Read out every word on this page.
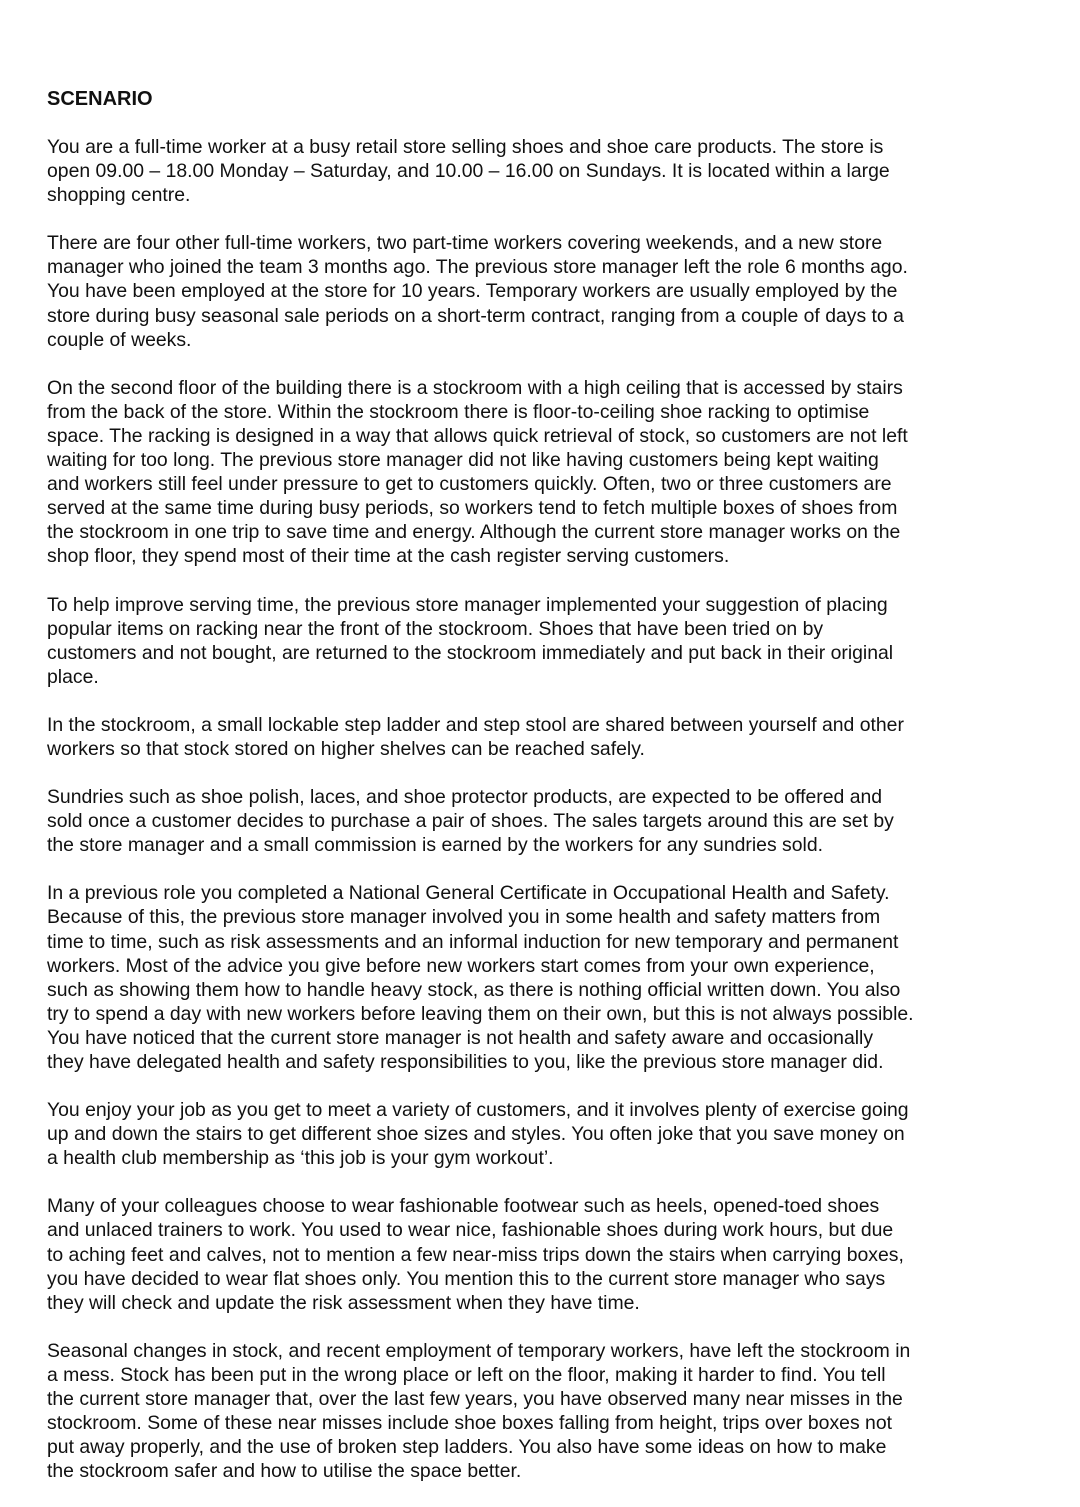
SCENARIO
You are a full-time worker at a busy retail store selling shoes and shoe care products. The store is
open 09.00 – 18.00 Monday – Saturday, and 10.00 – 16.00 on Sundays. It is located within a large
shopping centre.
There are four other full-time workers, two part-time workers covering weekends, and a new store
manager who joined the team 3 months ago. The previous store manager left the role 6 months ago.
You have been employed at the store for 10 years. Temporary workers are usually employed by the
store during busy seasonal sale periods on a short-term contract, ranging from a couple of days to a
couple of weeks.
On the second floor of the building there is a stockroom with a high ceiling that is accessed by stairs
from the back of the store. Within the stockroom there is floor-to-ceiling shoe racking to optimise
space. The racking is designed in a way that allows quick retrieval of stock, so customers are not left
waiting for too long. The previous store manager did not like having customers being kept waiting
and workers still feel under pressure to get to customers quickly. Often, two or three customers are
served at the same time during busy periods, so workers tend to fetch multiple boxes of shoes from
the stockroom in one trip to save time and energy. Although the current store manager works on the
shop floor, they spend most of their time at the cash register serving customers.
To help improve serving time, the previous store manager implemented your suggestion of placing
popular items on racking near the front of the stockroom. Shoes that have been tried on by
customers and not bought, are returned to the stockroom immediately and put back in their original
place.
In the stockroom, a small lockable step ladder and step stool are shared between yourself and other
workers so that stock stored on higher shelves can be reached safely.
Sundries such as shoe polish, laces, and shoe protector products, are expected to be offered and
sold once a customer decides to purchase a pair of shoes. The sales targets around this are set by
the store manager and a small commission is earned by the workers for any sundries sold.
In a previous role you completed a National General Certificate in Occupational Health and Safety.
Because of this, the previous store manager involved you in some health and safety matters from
time to time, such as risk assessments and an informal induction for new temporary and permanent
workers. Most of the advice you give before new workers start comes from your own experience,
such as showing them how to handle heavy stock, as there is nothing official written down. You also
try to spend a day with new workers before leaving them on their own, but this is not always possible.
You have noticed that the current store manager is not health and safety aware and occasionally
they have delegated health and safety responsibilities to you, like the previous store manager did.
You enjoy your job as you get to meet a variety of customers, and it involves plenty of exercise going
up and down the stairs to get different shoe sizes and styles. You often joke that you save money on
a health club membership as ‘this job is your gym workout’.
Many of your colleagues choose to wear fashionable footwear such as heels, opened-toed shoes
and unlaced trainers to work. You used to wear nice, fashionable shoes during work hours, but due
to aching feet and calves, not to mention a few near-miss trips down the stairs when carrying boxes,
you have decided to wear flat shoes only. You mention this to the current store manager who says
they will check and update the risk assessment when they have time.
Seasonal changes in stock, and recent employment of temporary workers, have left the stockroom in
a mess. Stock has been put in the wrong place or left on the floor, making it harder to find. You tell
the current store manager that, over the last few years, you have observed many near misses in the
stockroom. Some of these near misses include shoe boxes falling from height, trips over boxes not
put away properly, and the use of broken step ladders. You also have some ideas on how to make
the stockroom safer and how to utilise the space better.
